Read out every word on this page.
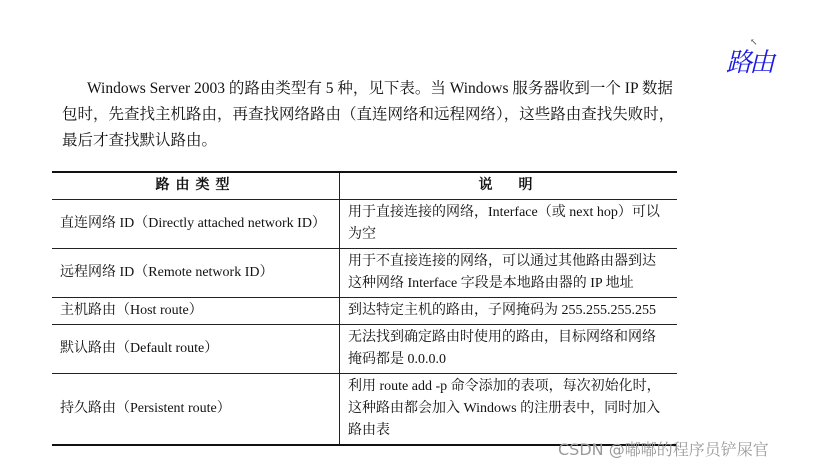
Windows Server 2003 的路由类型有 5 种，见下表。当 Windows 服务器收到一个 IP 数据包时，先查找主机路由，再查找网络路由（直连网络和远程网络），这些路由查找失败时，最后才查找默认路由。

↖
路由
路由类型	说　明
直连网络 ID（Directly attached network ID）	用于直接连接的网络，Interface（或 next hop）可以为空
远程网络 ID（Remote network ID）	用于不直接连接的网络，可以通过其他路由器到达这种网络 Interface 字段是本地路由器的 IP 地址
主机路由（Host route）	到达特定主机的路由，子网掩码为 255.255.255.255
默认路由（Default route）	无法找到确定路由时使用的路由，目标网络和网络掩码都是 0.0.0.0
持久路由（Persistent route）	利用 route add -p 命令添加的表项，每次初始化时，这种路由都会加入 Windows 的注册表中，同时加入路由表
CSDN @嘟嘟的程序员铲屎官
